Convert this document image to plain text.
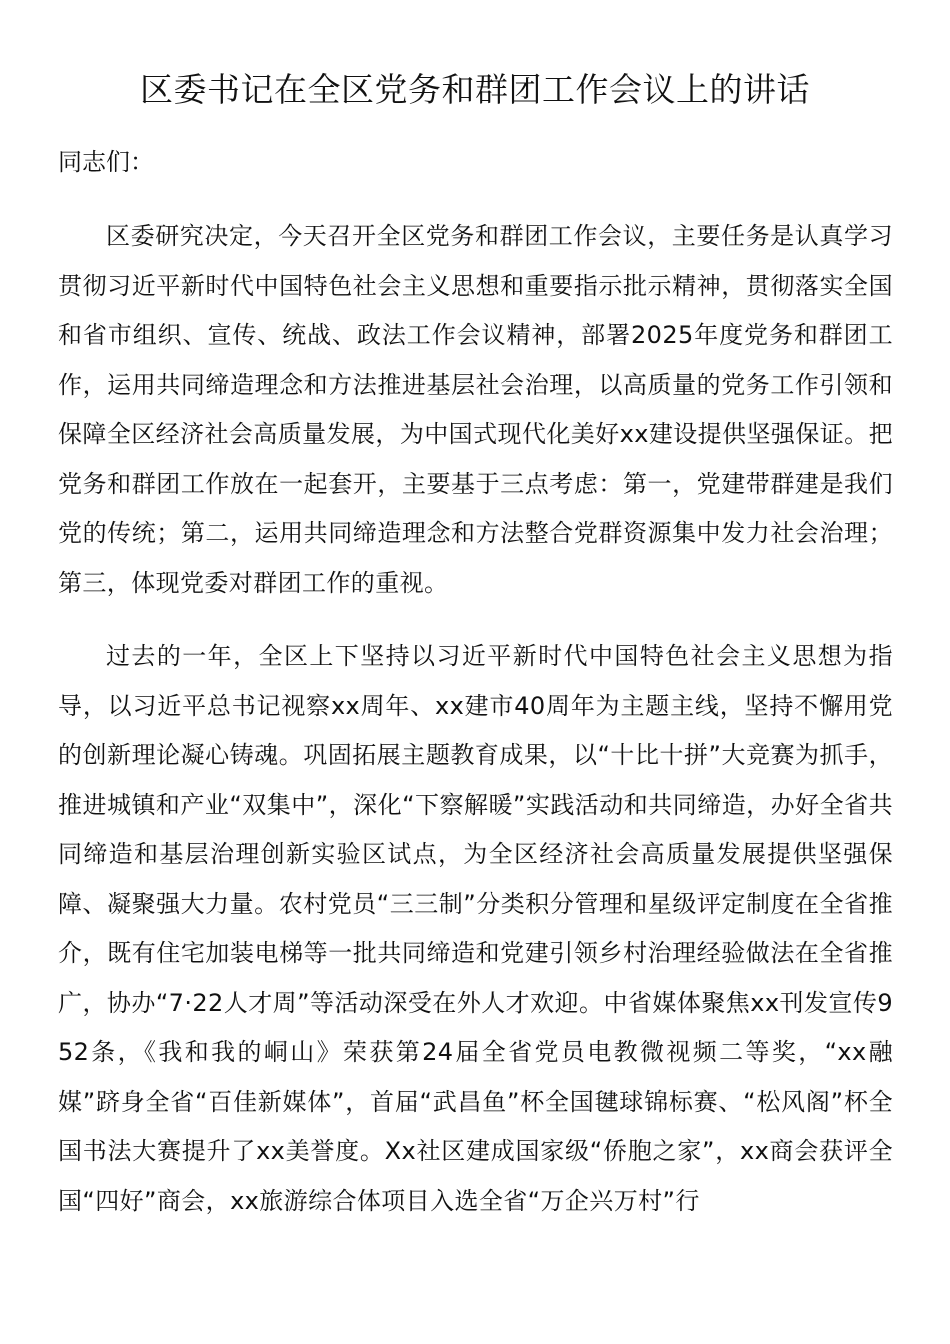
区委书记在全区党务和群团工作会议上的讲话

同志们：

区委研究决定，今天召开全区党务和群团工作会议，主要任务是认真学习贯彻习近平新时代中国特色社会主义思想和重要指示批示精神，贯彻落实全国和省市组织、宣传、统战、政法工作会议精神，部署2025年度党务和群团工作，运用共同缔造理念和方法推进基层社会治理，以高质量的党务工作引领和保障全区经济社会高质量发展，为中国式现代化美好xx建设提供坚强保证。把党务和群团工作放在一起套开，主要基于三点考虑：第一，党建带群建是我们党的传统；第二，运用共同缔造理念和方法整合党群资源集中发力社会治理；第三，体现党委对群团工作的重视。

过去的一年，全区上下坚持以习近平新时代中国特色社会主义思想为指导，以习近平总书记视察xx周年、xx建市40周年为主题主线，坚持不懈用党的创新理论凝心铸魂。巩固拓展主题教育成果，以“十比十拼”大竞赛为抓手，推进城镇和产业“双集中”，深化“下察解暖”实践活动和共同缔造，办好全省共同缔造和基层治理创新实验区试点，为全区经济社会高质量发展提供坚强保障、凝聚强大力量。农村党员“三三制”分类积分管理和星级评定制度在全省推介，既有住宅加装电梯等一批共同缔造和党建引领乡村治理经验做法在全省推广，协办“7·22人才周”等活动深受在外人才欢迎。中省媒体聚焦xx刊发宣传952条，《我和我的峒山》荣获第24届全省党员电教微视频二等奖，“xx融媒”跻身全省“百佳新媒体”，首届“武昌鱼”杯全国毽球锦标赛、“松风阁”杯全国书法大赛提升了xx美誉度。Xx社区建成国家级“侨胞之家”，xx商会获评全国“四好”商会，xx旅游综合体项目入选全省“万企兴万村”行
